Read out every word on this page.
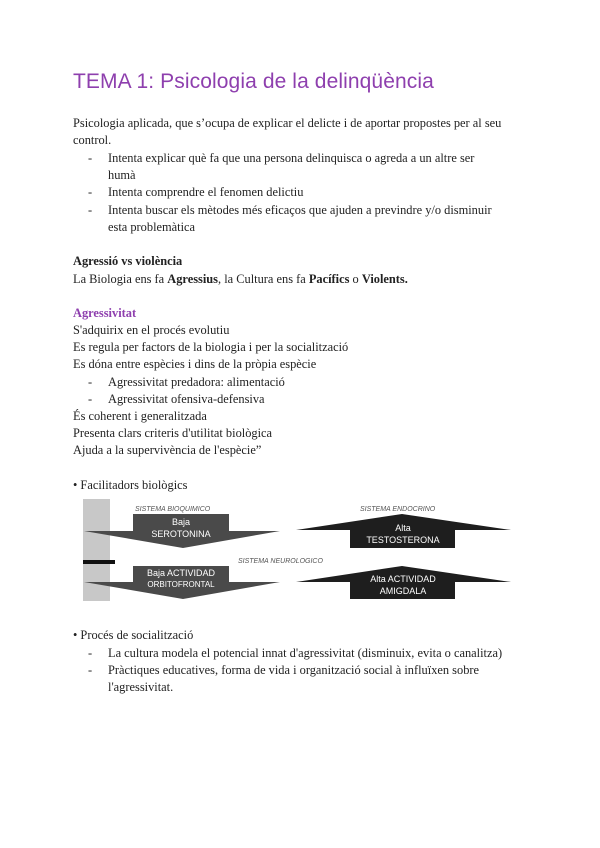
TEMA 1: Psicologia de la delinqüència
Psicologia aplicada, que s’ocupa de explicar el delicte i de aportar propostes per al seu
control.
- Intenta explicar què fa que una persona delinquisca o agreda a un altre ser
humà
- Intenta comprendre el fenomen delictiu
- Intenta buscar els mètodes més eficaços que ajuden a previndre y/o disminuir
esta problemàtica
Agressió vs violència
La Biologia ens fa Agressius, la Cultura ens fa Pacífics o Violents.
Agressivitat
S'adquirix en el procés evolutiu
Es regula per factors de la biologia i per la socialització
Es dóna entre espècies i dins de la pròpia espècie
- Agressivitat predadora: alimentació
- Agressivitat ofensiva-defensiva
És coherent i generalitzada
Presenta clars criteris d'utilitat biològica
Ajuda a la supervivència de l'espècie”
• Facilitadors biològics
SISTEMA BIOQUIMICO	SISTEMA ENDOCRINO
SISTEMA NEUROLOGICO
Baja
SEROTONINA
Alta
TESTOSTERONA
Baja ACTIVIDAD
ORBITOFRONTAL
Alta ACTIVIDAD
AMIGDALA
• Procés de socialització
- La cultura modela el potencial innat d'agressivitat (disminuix, evita o canalitza)
- Pràctiques educatives, forma de vida i organització social à influïxen sobre
l'agressivitat.
